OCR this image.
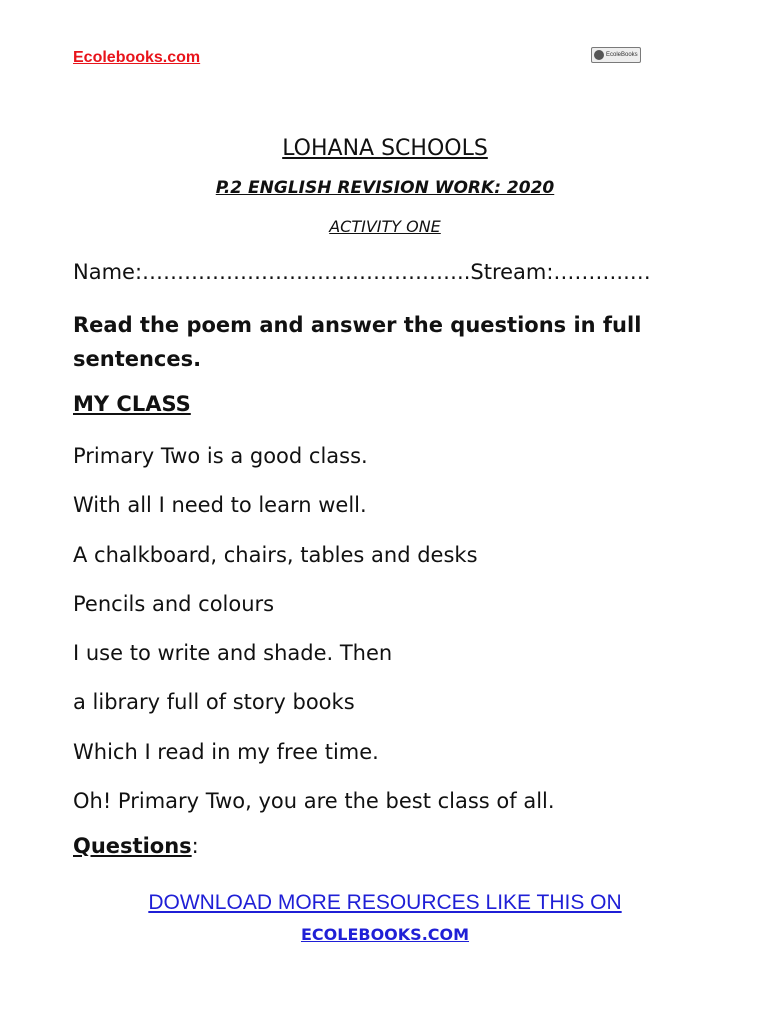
Ecolebooks.com	EcoleBooks
LOHANA SCHOOLS
P.2 ENGLISH REVISION WORK: 2020
ACTIVITY ONE
Name:………………………………………..Stream:………..…
Read the poem and answer the questions in full sentences.
MY CLASS
Primary Two is a good class.
With all I need to learn well.
A chalkboard, chairs, tables and desks
Pencils and colours
I use to write and shade. Then
a library full of story books
Which I read in my free time.
Oh! Primary Two, you are the best class of all.
Questions:
DOWNLOAD MORE RESOURCES LIKE THIS ON
ECOLEBOOKS.COM
